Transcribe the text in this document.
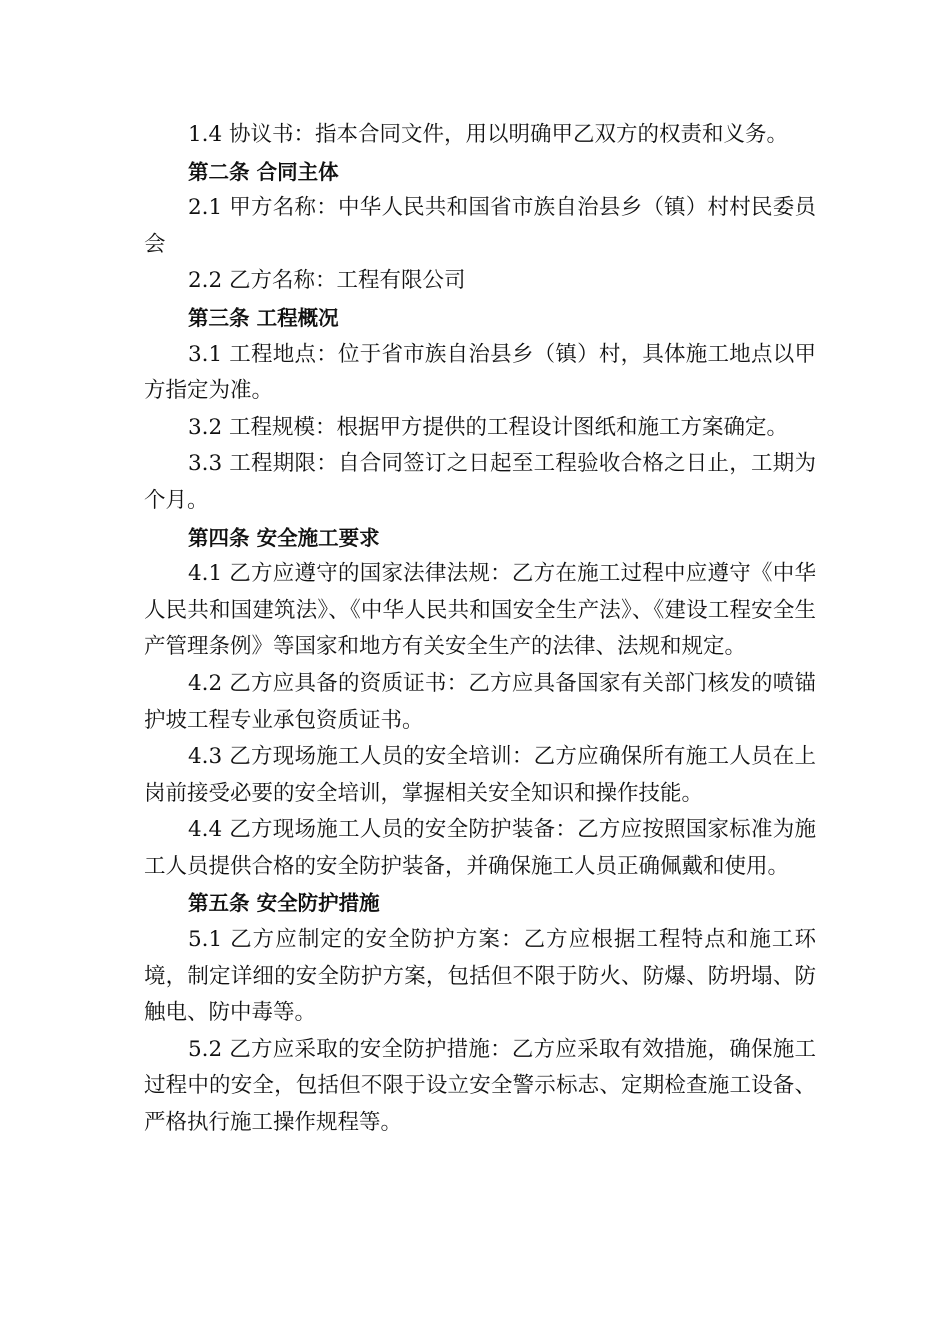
1.4 协议书：指本合同文件，用以明确甲乙双方的权责和义务。

第二条 合同主体

2.1 甲方名称：中华人民共和国省市族自治县乡（镇）村村民委员会

2.2 乙方名称：工程有限公司

第三条 工程概况

3.1 工程地点：位于省市族自治县乡（镇）村，具体施工地点以甲方指定为准。

3.2 工程规模：根据甲方提供的工程设计图纸和施工方案确定。

3.3 工程期限：自合同签订之日起至工程验收合格之日止，工期为个月。

第四条 安全施工要求

4.1 乙方应遵守的国家法律法规：乙方在施工过程中应遵守《中华人民共和国建筑法》、《中华人民共和国安全生产法》、《建设工程安全生产管理条例》等国家和地方有关安全生产的法律、法规和规定。

4.2 乙方应具备的资质证书：乙方应具备国家有关部门核发的喷锚护坡工程专业承包资质证书。

4.3 乙方现场施工人员的安全培训：乙方应确保所有施工人员在上岗前接受必要的安全培训，掌握相关安全知识和操作技能。

4.4 乙方现场施工人员的安全防护装备：乙方应按照国家标准为施工人员提供合格的安全防护装备，并确保施工人员正确佩戴和使用。

第五条 安全防护措施

5.1 乙方应制定的安全防护方案：乙方应根据工程特点和施工环境，制定详细的安全防护方案，包括但不限于防火、防爆、防坍塌、防触电、防中毒等。

5.2 乙方应采取的安全防护措施：乙方应采取有效措施，确保施工过程中的安全，包括但不限于设立安全警示标志、定期检查施工设备、严格执行施工操作规程等。
